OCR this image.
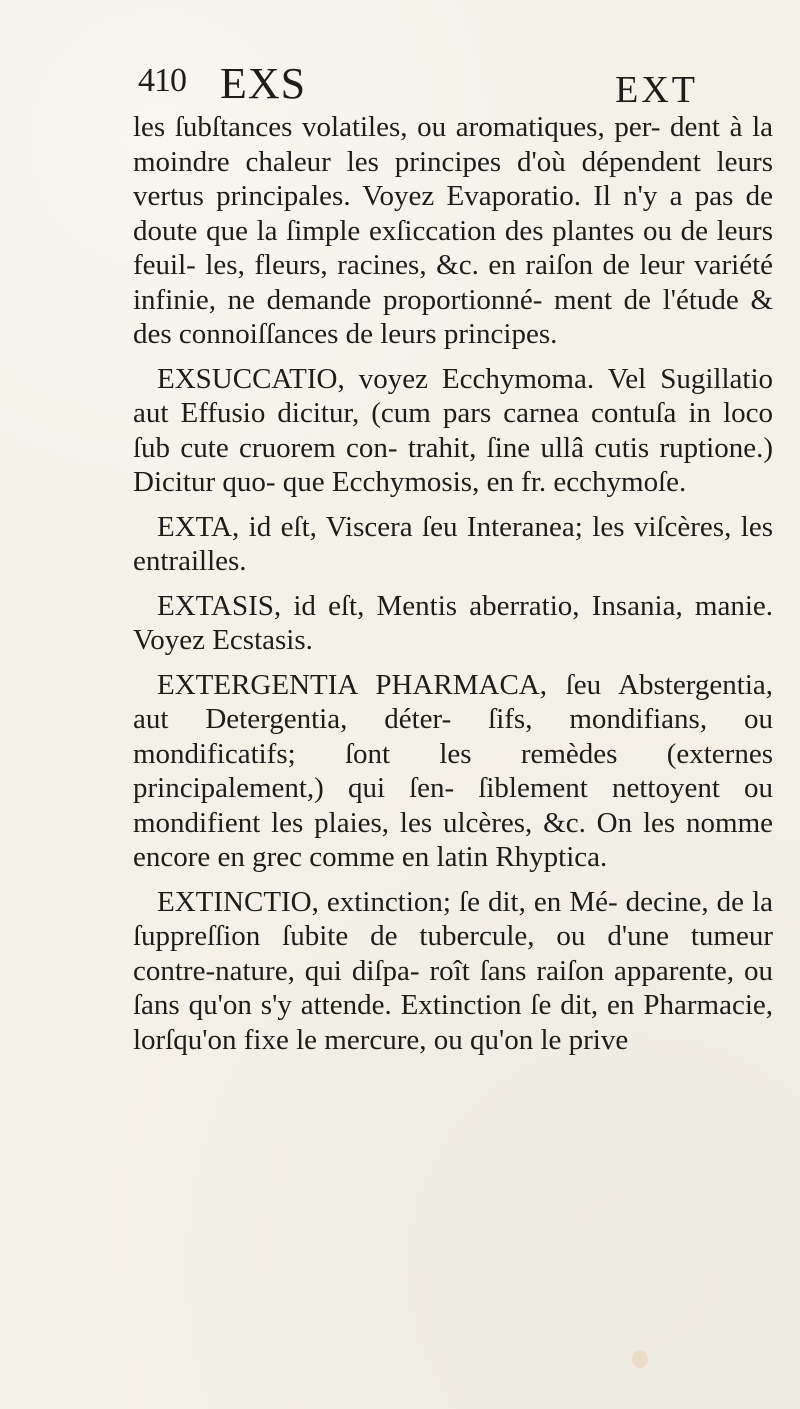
410 EXS	EXT
les ſubſtances volatiles, ou aromatiques, per- dent à la moindre chaleur les principes d'où dépendent leurs vertus principales. Voyez Evaporatio. Il n'y a pas de doute que la ſimple exſiccation des plantes ou de leurs feuil- les, fleurs, racines, &c. en raiſon de leur variété infinie, ne demande proportionné- ment de l'étude & des connoiſſances de leurs principes.
EXSUCCATIO, voyez Ecchymoma. Vel Sugillatio aut Effusio dicitur, (cum pars carnea contuſa in loco ſub cute cruorem con- trahit, ſine ullâ cutis ruptione.) Dicitur quo- que Ecchymosis, en fr. ecchymoſe.
EXTA, id eſt, Viscera ſeu Interanea; les viſcères, les entrailles.
EXTASIS, id eſt, Mentis aberratio, Insania, manie. Voyez Ecstasis.
EXTERGENTIA PHARMACA, ſeu Abstergentia, aut Detergentia, déter- ſifs, mondifians, ou mondificatifs; ſont les remèdes (externes principalement,) qui ſen- ſiblement nettoyent ou mondifient les plaies, les ulcères, &c. On les nomme encore en grec comme en latin Rhyptica.
EXTINCTIO, extinction; ſe dit, en Mé- decine, de la ſuppreſſion ſubite de tubercule, ou d'une tumeur contre-nature, qui diſpa- roît ſans raiſon apparente, ou ſans qu'on s'y attende. Extinction ſe dit, en Pharmacie, lorſqu'on fixe le mercure, ou qu'on le prive
